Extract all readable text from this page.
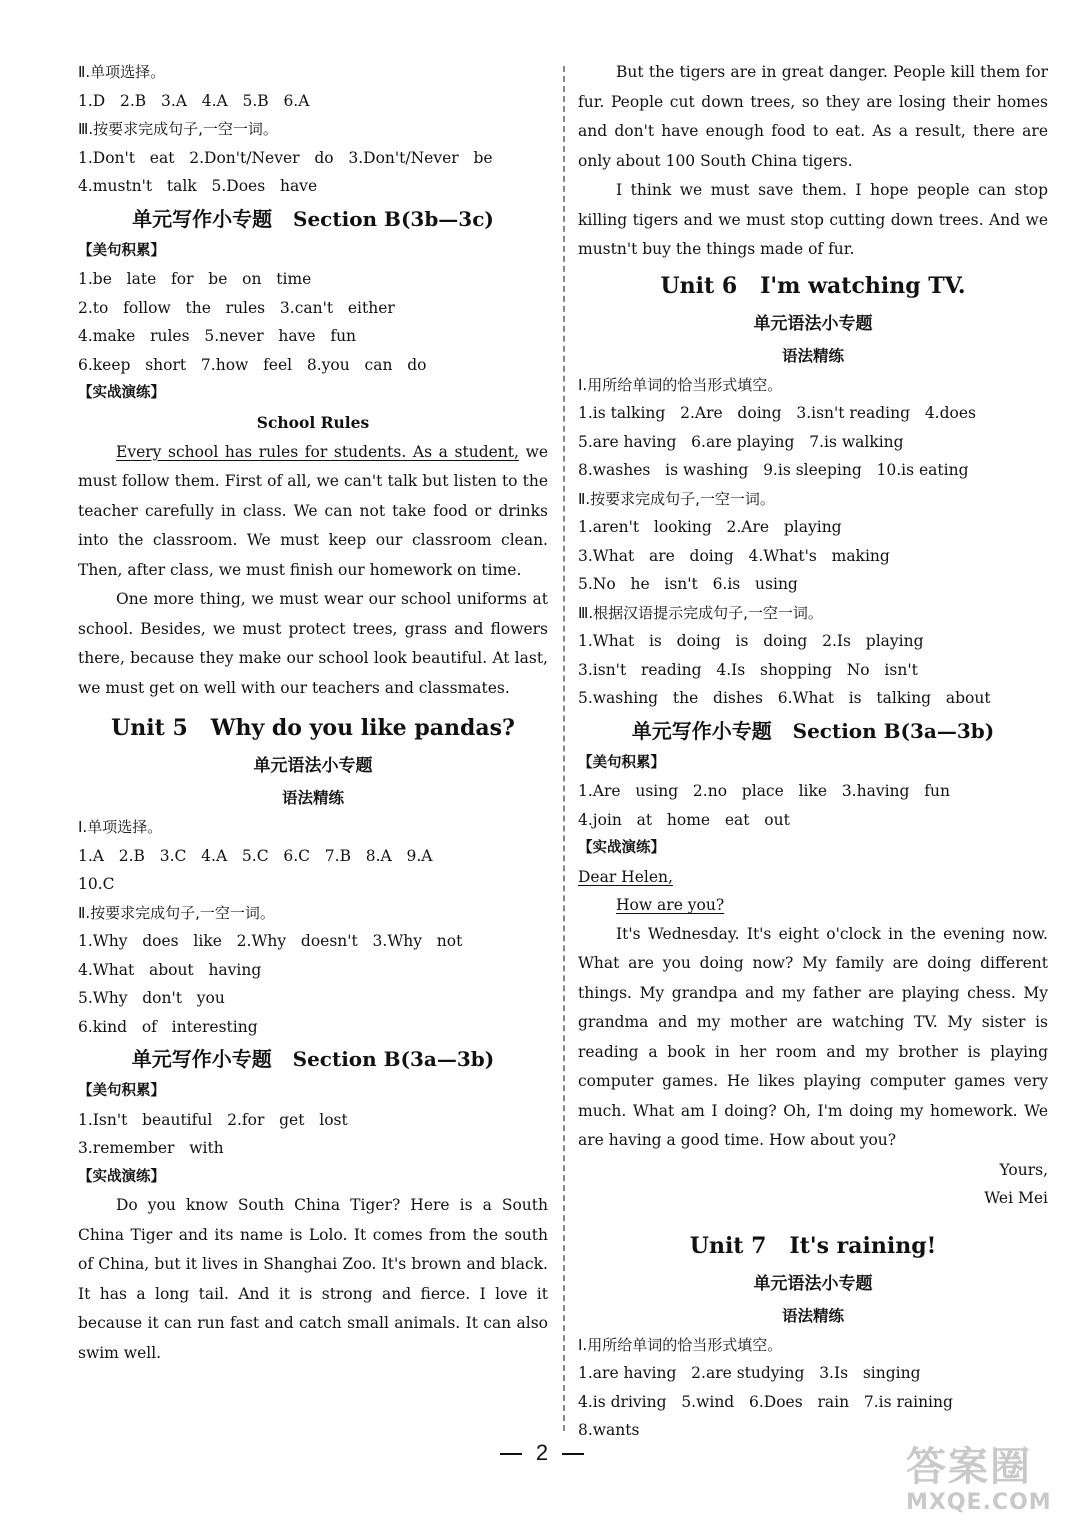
Ⅱ.单项选择。
1.D   2.B   3.A   4.A   5.B   6.A
Ⅲ.按要求完成句子,一空一词。
1.Don't   eat   2.Don't/Never   do   3.Don't/Never   be
4.mustn't   talk   5.Does   have
单元写作小专题   Section B(3b—3c)
【美句积累】
1.be   late   for   be   on   time
2.to   follow   the   rules   3.can't   either
4.make   rules   5.never   have   fun
6.keep   short   7.how   feel   8.you   can   do
【实战演练】
School Rules
Every school has rules for students. As a student, we must follow them. First of all, we can't talk but listen to the teacher carefully in class. We can not take food or drinks into the classroom. We must keep our classroom clean. Then, after class, we must finish our homework on time.
One more thing, we must wear our school uniforms at school. Besides, we must protect trees, grass and flowers there, because they make our school look beautiful. At last, we must get on well with our teachers and classmates.
Unit 5   Why do you like pandas?
单元语法小专题
语法精练
Ⅰ.单项选择。
1.A   2.B   3.C   4.A   5.C   6.C   7.B   8.A   9.A
10.C
Ⅱ.按要求完成句子,一空一词。
1.Why   does   like   2.Why   doesn't   3.Why   not
4.What   about   having
5.Why   don't   you
6.kind   of   interesting
单元写作小专题   Section B(3a—3b)
【美句积累】
1.Isn't   beautiful   2.for   get   lost
3.remember   with
【实战演练】
Do you know South China Tiger? Here is a South China Tiger and its name is Lolo. It comes from the south of China, but it lives in Shanghai Zoo. It's brown and black. It has a long tail. And it is strong and fierce. I love it because it can run fast and catch small animals. It can also swim well.
But the tigers are in great danger. People kill them for fur. People cut down trees, so they are losing their homes and don't have enough food to eat. As a result, there are only about 100 South China tigers.
I think we must save them. I hope people can stop killing tigers and we must stop cutting down trees. And we mustn't buy the things made of fur.
Unit 6   I'm watching TV.
单元语法小专题
语法精练
Ⅰ.用所给单词的恰当形式填空。
1.is talking   2.Are   doing   3.isn't reading   4.does
5.are having   6.are playing   7.is walking
8.washes   is washing   9.is sleeping   10.is eating
Ⅱ.按要求完成句子,一空一词。
1.aren't   looking   2.Are   playing
3.What   are   doing   4.What's   making
5.No   he   isn't   6.is   using
Ⅲ.根据汉语提示完成句子,一空一词。
1.What   is   doing   is   doing   2.Is   playing
3.isn't   reading   4.Is   shopping   No   isn't
5.washing   the   dishes   6.What   is   talking   about
单元写作小专题   Section B(3a—3b)
【美句积累】
1.Are   using   2.no   place   like   3.having   fun
4.join   at   home   eat   out
【实战演练】
Dear Helen,
How are you?
It's Wednesday. It's eight o'clock in the evening now. What are you doing now? My family are doing different things. My grandpa and my father are playing chess. My grandma and my mother are watching TV. My sister is reading a book in her room and my brother is playing computer games. He likes playing computer games very much. What am I doing? Oh, I'm doing my homework. We are having a good time. How about you?
Yours,
Wei Mei
Unit 7   It's raining!
单元语法小专题
语法精练
Ⅰ.用所给单词的恰当形式填空。
1.are having   2.are studying   3.Is   singing
4.is driving   5.wind   6.Does   rain   7.is raining
8.wants
2	答案圈
MXQE.COM
